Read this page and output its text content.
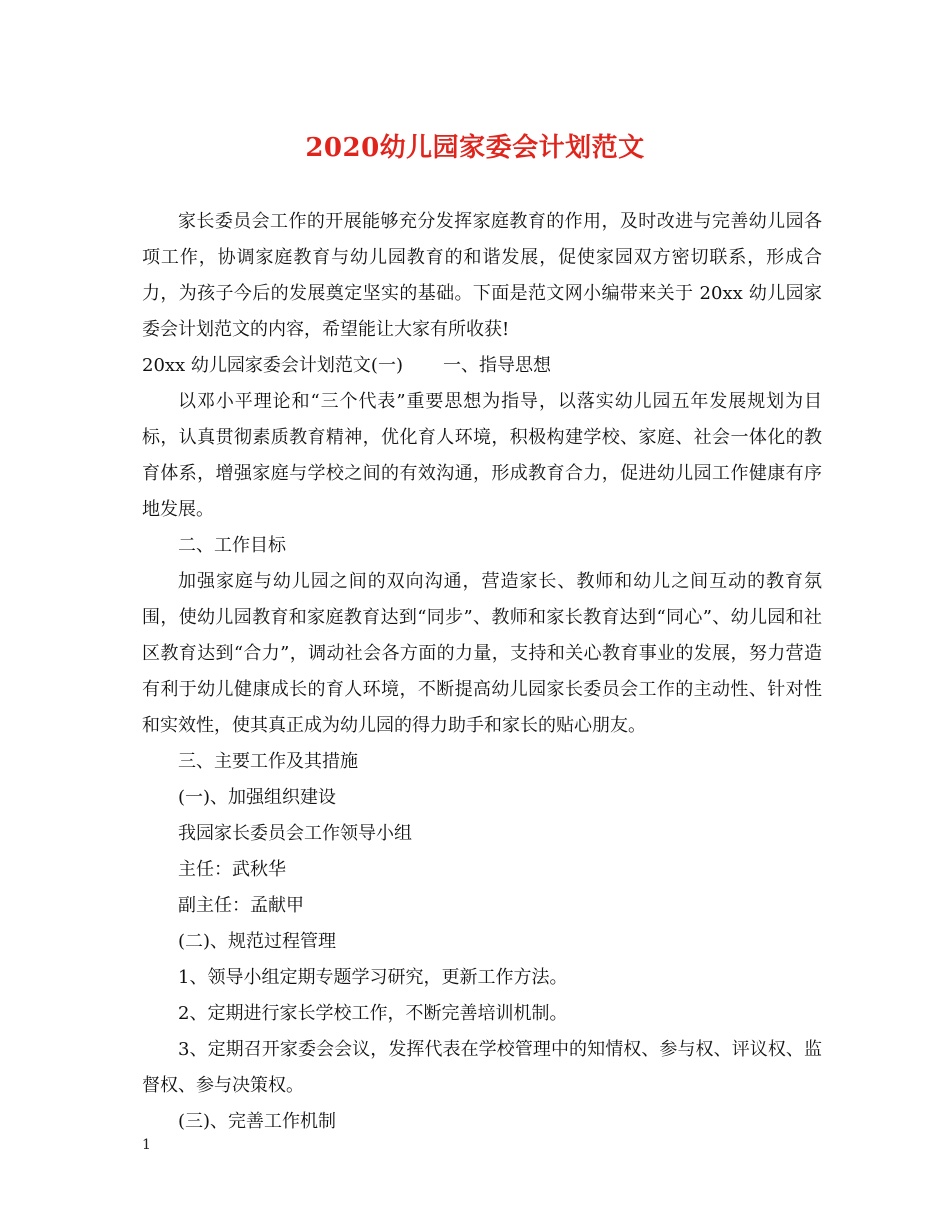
2020幼儿园家委会计划范文

家长委员会工作的开展能够充分发挥家庭教育的作用，及时改进与完善幼儿园各项工作，协调家庭教育与幼儿园教育的和谐发展，促使家园双方密切联系，形成合力，为孩子今后的发展奠定坚实的基础。下面是范文网小编带来关于 20xx 幼儿园家委会计划范文的内容，希望能让大家有所收获!

20xx 幼儿园家委会计划范文(一) 一、指导思想

以邓小平理论和“三个代表”重要思想为指导，以落实幼儿园五年发展规划为目标，认真贯彻素质教育精神，优化育人环境，积极构建学校、家庭、社会一体化的教育体系，增强家庭与学校之间的有效沟通，形成教育合力，促进幼儿园工作健康有序地发展。

二、工作目标

加强家庭与幼儿园之间的双向沟通，营造家长、教师和幼儿之间互动的教育氛围，使幼儿园教育和家庭教育达到“同步”、教师和家长教育达到“同心”、幼儿园和社区教育达到“合力”，调动社会各方面的力量，支持和关心教育事业的发展，努力营造有利于幼儿健康成长的育人环境，不断提高幼儿园家长委员会工作的主动性、针对性和实效性，使其真正成为幼儿园的得力助手和家长的贴心朋友。

三、主要工作及其措施

(一)、加强组织建设

我园家长委员会工作领导小组

主任：武秋华

副主任：孟献甲

(二)、规范过程管理

1、领导小组定期专题学习研究，更新工作方法。

2、定期进行家长学校工作，不断完善培训机制。

3、定期召开家委会会议，发挥代表在学校管理中的知情权、参与权、评议权、监督权、参与决策权。

(三)、完善工作机制

1
